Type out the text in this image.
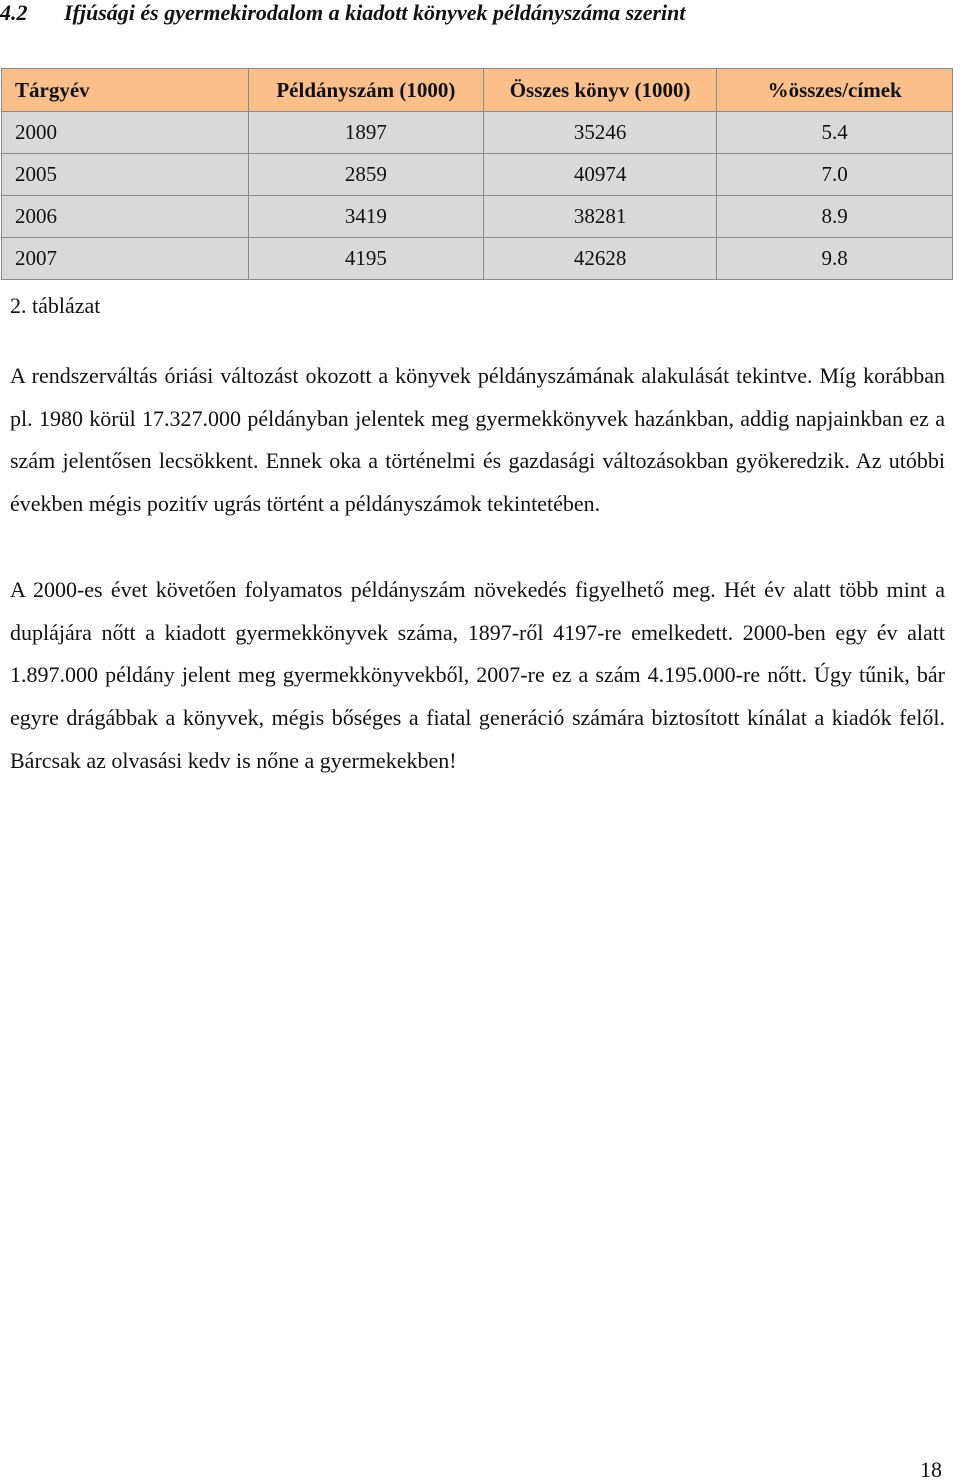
4.2 Ifjúsági és gyermekirodalom a kiadott könyvek példányszáma szerint
Tárgyév	Példányszám (1000)	Összes könyv (1000)	%összes/címek
2000	1897	35246	5.4
2005	2859	40974	7.0
2006	3419	38281	8.9
2007	4195	42628	9.8
2. táblázat

A rendszerváltás óriási változást okozott a könyvek példányszámának alakulását tekintve. Míg korábban pl. 1980 körül 17.327.000 példányban jelentek meg gyermekkönyvek hazánkban, addig napjainkban ez a szám jelentősen lecsökkent. Ennek oka a történelmi és gazdasági változásokban gyökeredzik. Az utóbbi években mégis pozitív ugrás történt a példányszámok tekintetében.

A 2000-es évet követően folyamatos példányszám növekedés figyelhető meg. Hét év alatt több mint a duplájára nőtt a kiadott gyermekkönyvek száma, 1897-ről 4197-re emelkedett. 2000-ben egy év alatt 1.897.000 példány jelent meg gyermekkönyvekből, 2007-re ez a szám 4.195.000-re nőtt. Úgy tűnik, bár egyre drágábbak a könyvek, mégis bőséges a fiatal generáció számára biztosított kínálat a kiadók felől. Bárcsak az olvasási kedv is nőne a gyermekekben!

18
